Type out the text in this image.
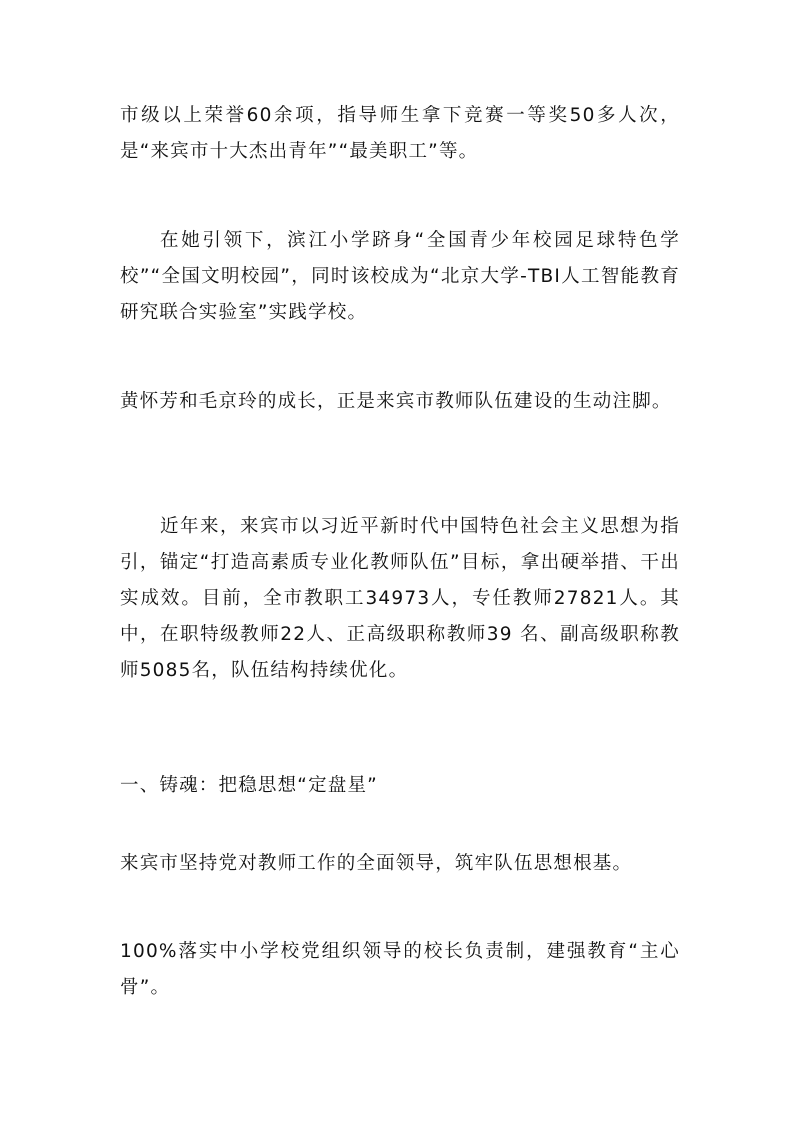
市级以上荣誉60余项，指导师生拿下竞赛一等奖50多人次，是“来宾市十大杰出青年”“最美职工”等。

在她引领下，滨江小学跻身“全国青少年校园足球特色学校”“全国文明校园”，同时该校成为“北京大学-TBI人工智能教育研究联合实验室”实践学校。

黄怀芳和毛京玲的成长，正是来宾市教师队伍建设的生动注脚。

近年来，来宾市以习近平新时代中国特色社会主义思想为指引，锚定“打造高素质专业化教师队伍”目标，拿出硬举措、干出实成效。目前，全市教职工34973人，专任教师27821人。其中，在职特级教师22人、正高级职称教师39 名、副高级职称教师5085名，队伍结构持续优化。

一、铸魂：把稳思想“定盘星”

来宾市坚持党对教师工作的全面领导，筑牢队伍思想根基。

100%落实中小学校党组织领导的校长负责制，建强教育“主心骨”。
